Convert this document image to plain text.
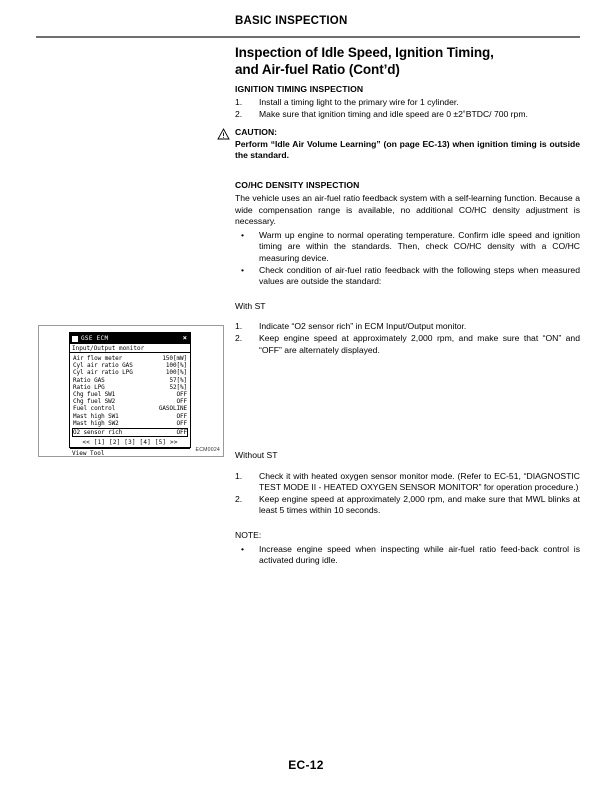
BASIC INSPECTION
Inspection of Idle Speed, Ignition Timing,
and Air-fuel Ratio (Cont’d)
IGNITION TIMING INSPECTION
1.	Install a timing light to the primary wire for 1 cylinder.
2.	Make sure that ignition timing and idle speed are 0 ±2˚BTDC/ 700 rpm.
CAUTION:
Perform “Idle Air Volume Learning” (on page EC-13) when ignition timing is outside the standard.
CO/HC DENSITY INSPECTION
The vehicle uses an air-fuel ratio feedback system with a self-learning function. Because a wide compensation range is available, no additional CO/HC density adjustment is necessary.
•	Warm up engine to normal operating temperature. Confirm idle speed and ignition timing are within the standards. Then, check CO/HC density with a CO/HC measuring device.
•	Check condition of air-fuel ratio feedback with the following steps when measured values are outside the standard:
With ST
1.	Indicate “O2 sensor rich” in ECM Input/Output monitor.
2.	Keep engine speed at approximately 2,000 rpm, and make sure that “ON” and “OFF” are alternately displayed.
GSE ECM	×
Input/Output monitor
Air flow meter	150[mW]
Cyl air ratio GAS	100[%]
Cyl air ratio LPG	100[%]
Ratio GAS	57[%]
Ratio LPG	52[%]
Chg fuel SW1	OFF
Chg fuel SW2	OFF
Fuel control	GASOLINE
Mast high SW1	OFF
Mast high SW2	OFF
O2 sensor rich	OFF
<< [1] [2] [3] [4] [5] >>
View Tool	ECM0024 Without ST
1.	Check it with heated oxygen sensor monitor mode. (Refer to EC-51, “DIAGNOSTIC TEST MODE II - HEATED OXYGEN SENSOR MONITOR” for operation procedure.)
2.	Keep engine speed at approximately 2,000 rpm, and make sure that MWL blinks at least 5 times within 10 seconds.
NOTE:
•	Increase engine speed when inspecting while air-fuel ratio feed-back control is activated during idle.
EC-12
